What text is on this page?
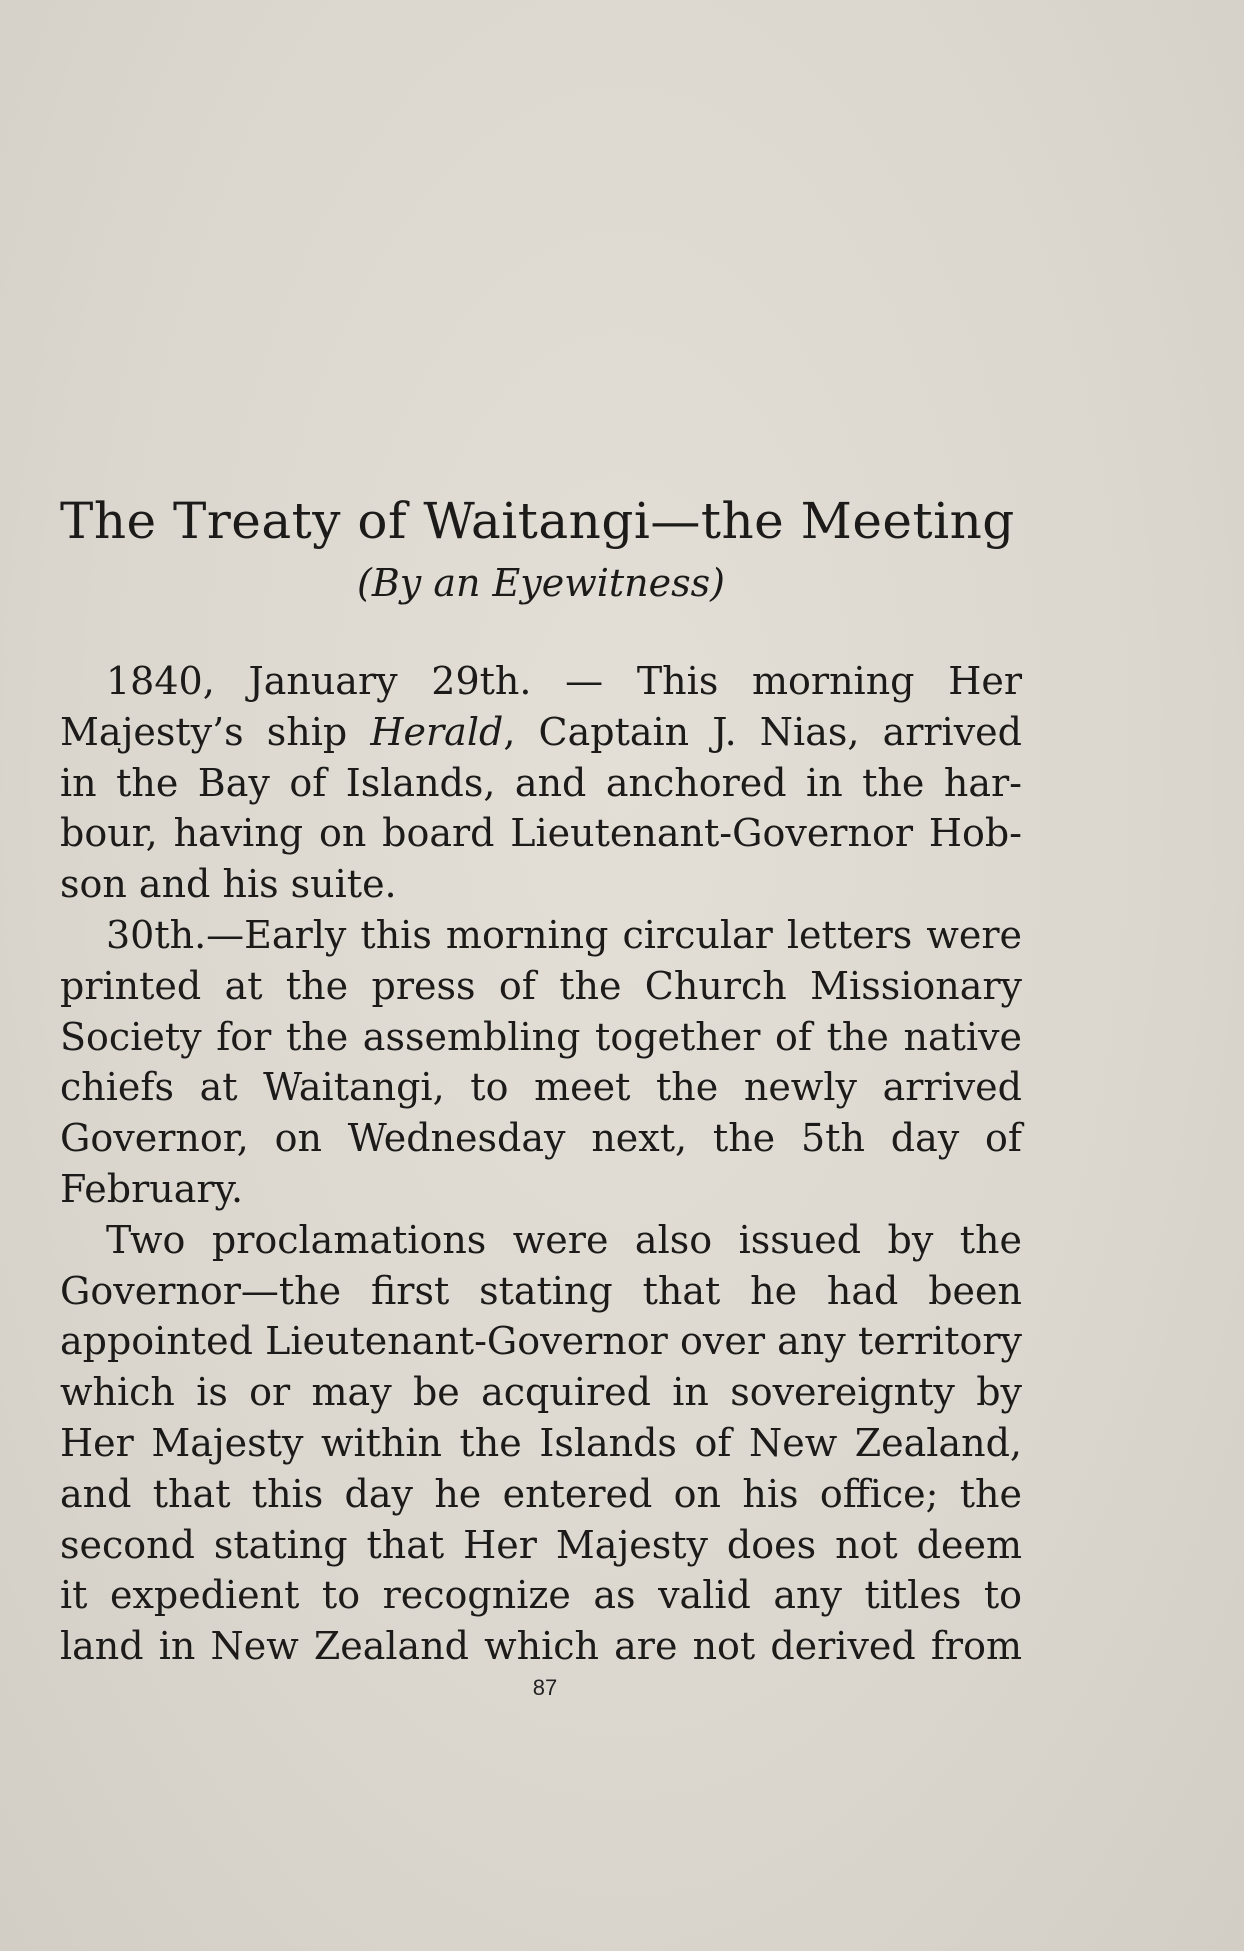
The Treaty of Waitangi—the Meeting
(By an Eyewitness)
1840, January 29th. — This morning Her
Majesty’s ship Herald, Captain J. Nias, arrived
in the Bay of Islands, and anchored in the har-
bour, having on board Lieutenant-Governor Hob-
son and his suite.
30th.—Early this morning circular letters were
printed at the press of the Church Missionary
Society for the assembling together of the native
chiefs at Waitangi, to meet the newly arrived
Governor, on Wednesday next, the 5th day of
February.
Two proclamations were also issued by the
Governor—the first stating that he had been
appointed Lieutenant-Governor over any territory
which is or may be acquired in sovereignty by
Her Majesty within the Islands of New Zealand,
and that this day he entered on his office; the
second stating that Her Majesty does not deem
it expedient to recognize as valid any titles to
land in New Zealand which are not derived from
87
